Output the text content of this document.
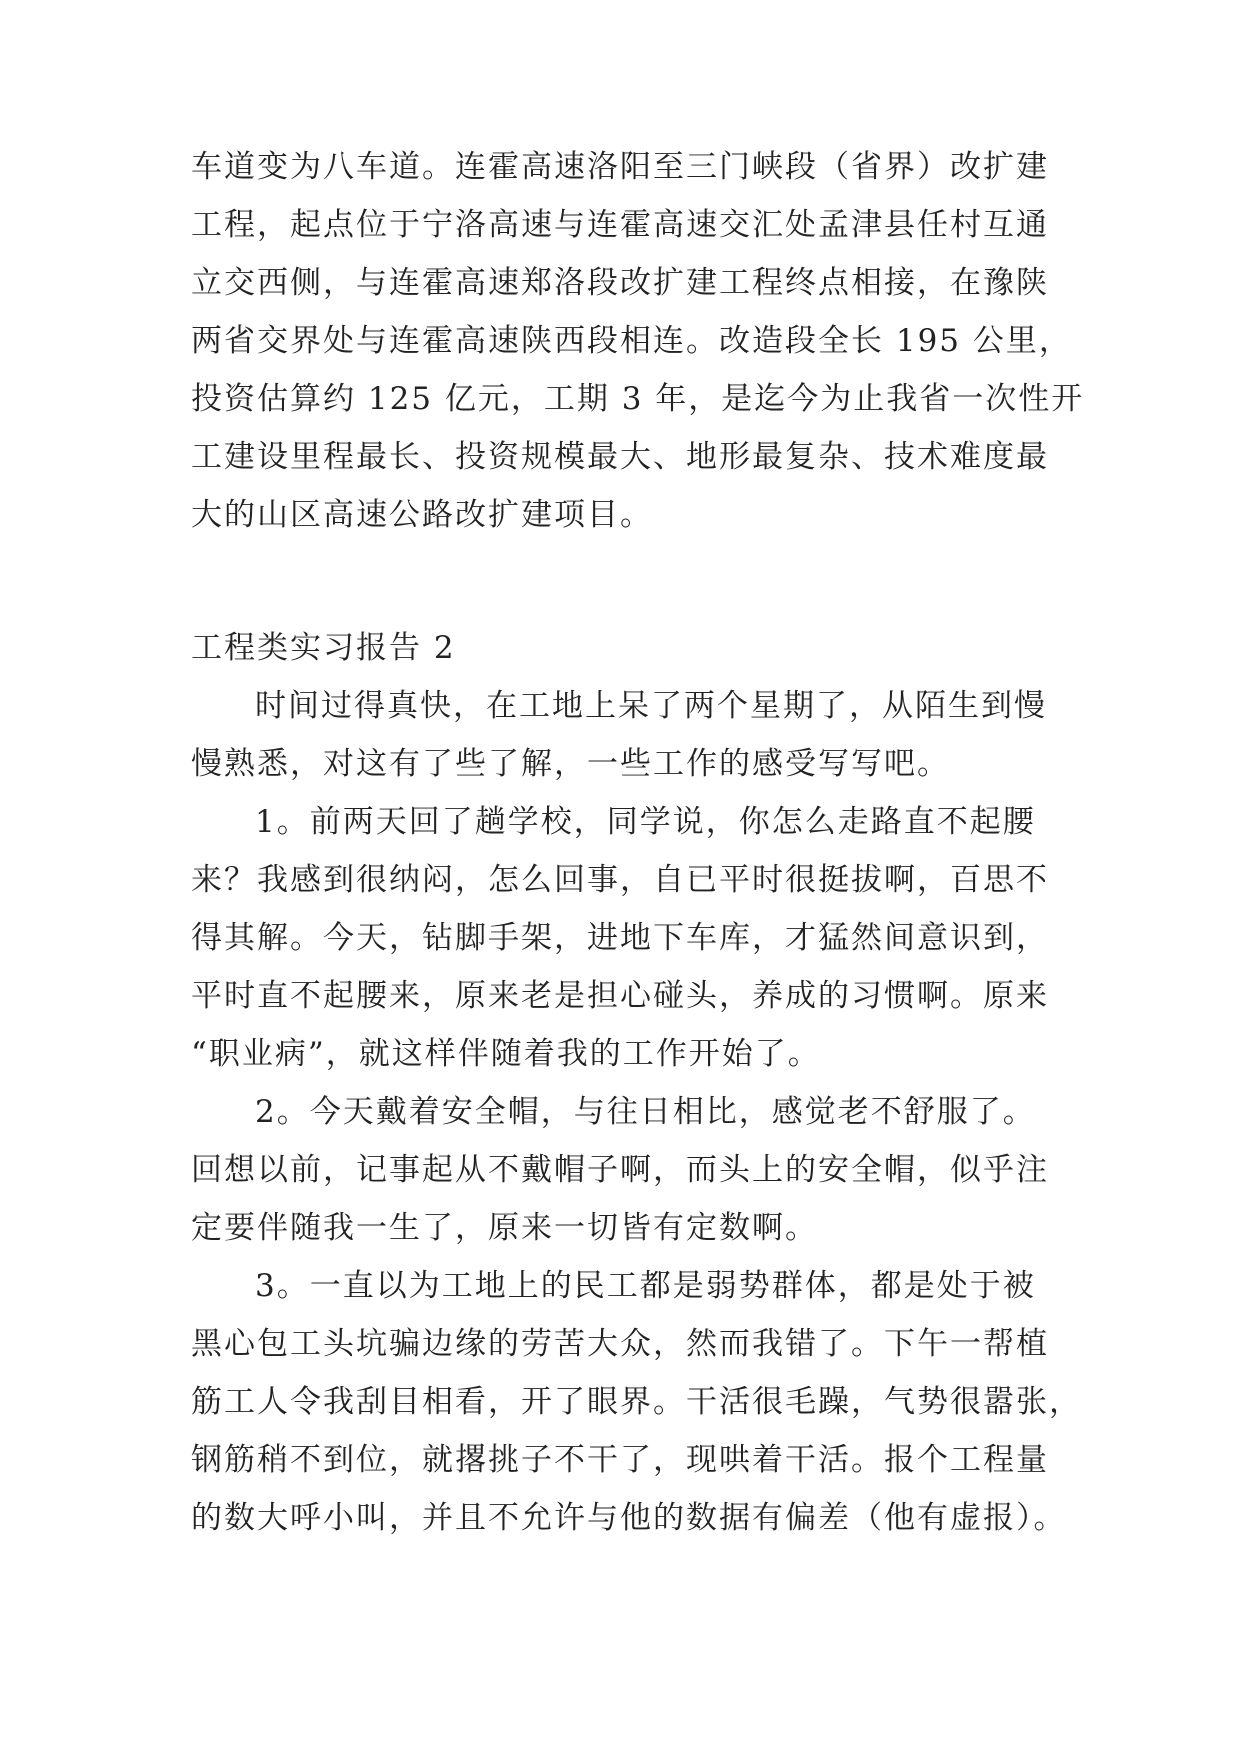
车道变为八车道。连霍高速洛阳至三门峡段（省界）改扩建
工程，起点位于宁洛高速与连霍高速交汇处孟津县任村互通
立交西侧，与连霍高速郑洛段改扩建工程终点相接，在豫陕
两省交界处与连霍高速陕西段相连。改造段全长 195 公里，
投资估算约 125 亿元，工期 3 年，是迄今为止我省一次性开
工建设里程最长、投资规模最大、地形最复杂、技术难度最
大的山区高速公路改扩建项目。
工程类实习报告 2
时间过得真快，在工地上呆了两个星期了，从陌生到慢
慢熟悉，对这有了些了解，一些工作的感受写写吧。
1。前两天回了趟学校，同学说，你怎么走路直不起腰
来？我感到很纳闷，怎么回事，自已平时很挺拔啊，百思不
得其解。今天，钻脚手架，进地下车库，才猛然间意识到，
平时直不起腰来，原来老是担心碰头，养成的习惯啊。原来
“职业病”，就这样伴随着我的工作开始了。
2。今天戴着安全帽，与往日相比，感觉老不舒服了。
回想以前，记事起从不戴帽子啊，而头上的安全帽，似乎注
定要伴随我一生了，原来一切皆有定数啊。
3。一直以为工地上的民工都是弱势群体，都是处于被
黑心包工头坑骗边缘的劳苦大众，然而我错了。下午一帮植
筋工人令我刮目相看，开了眼界。干活很毛躁，气势很嚣张，
钢筋稍不到位，就撂挑子不干了，现哄着干活。报个工程量
的数大呼小叫，并且不允许与他的数据有偏差（他有虚报）。
